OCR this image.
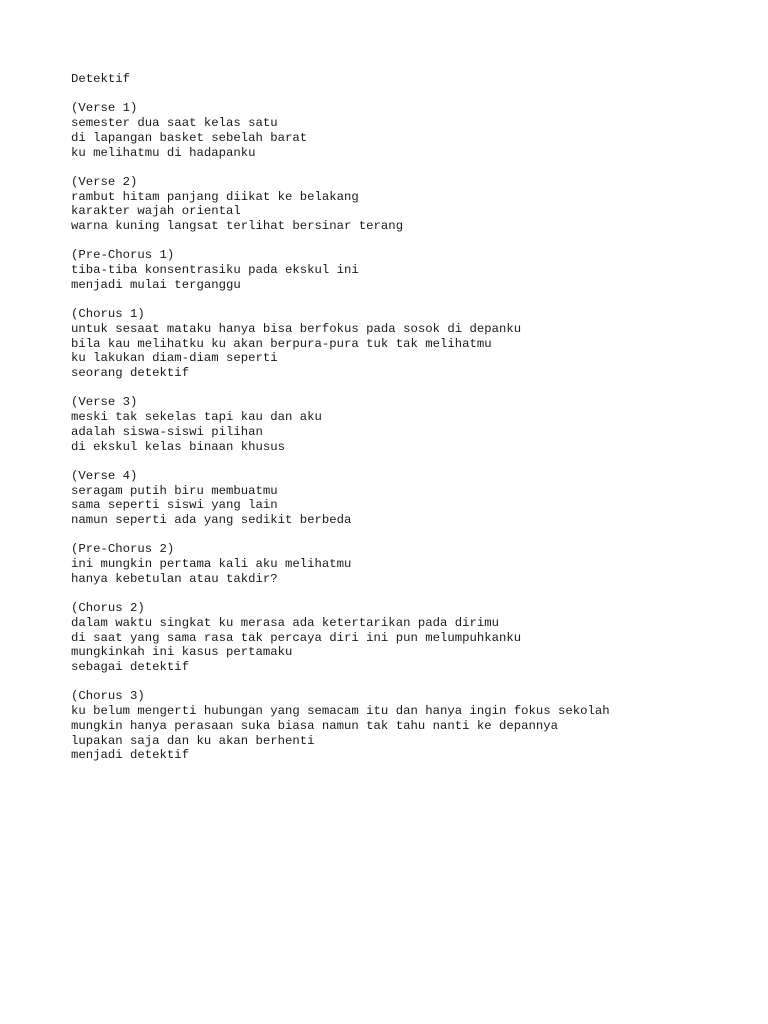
Detektif
(Verse 1)
semester dua saat kelas satu
di lapangan basket sebelah barat
ku melihatmu di hadapanku
(Verse 2)
rambut hitam panjang diikat ke belakang
karakter wajah oriental
warna kuning langsat terlihat bersinar terang
(Pre-Chorus 1)
tiba-tiba konsentrasiku pada ekskul ini
menjadi mulai terganggu
(Chorus 1)
untuk sesaat mataku hanya bisa berfokus pada sosok di depanku
bila kau melihatku ku akan berpura-pura tuk tak melihatmu
ku lakukan diam-diam seperti
seorang detektif
(Verse 3)
meski tak sekelas tapi kau dan aku
adalah siswa-siswi pilihan
di ekskul kelas binaan khusus
(Verse 4)
seragam putih biru membuatmu
sama seperti siswi yang lain
namun seperti ada yang sedikit berbeda
(Pre-Chorus 2)
ini mungkin pertama kali aku melihatmu
hanya kebetulan atau takdir?
(Chorus 2)
dalam waktu singkat ku merasa ada ketertarikan pada dirimu
di saat yang sama rasa tak percaya diri ini pun melumpuhkanku
mungkinkah ini kasus pertamaku
sebagai detektif
(Chorus 3)
ku belum mengerti hubungan yang semacam itu dan hanya ingin fokus sekolah
mungkin hanya perasaan suka biasa namun tak tahu nanti ke depannya
lupakan saja dan ku akan berhenti
menjadi detektif
